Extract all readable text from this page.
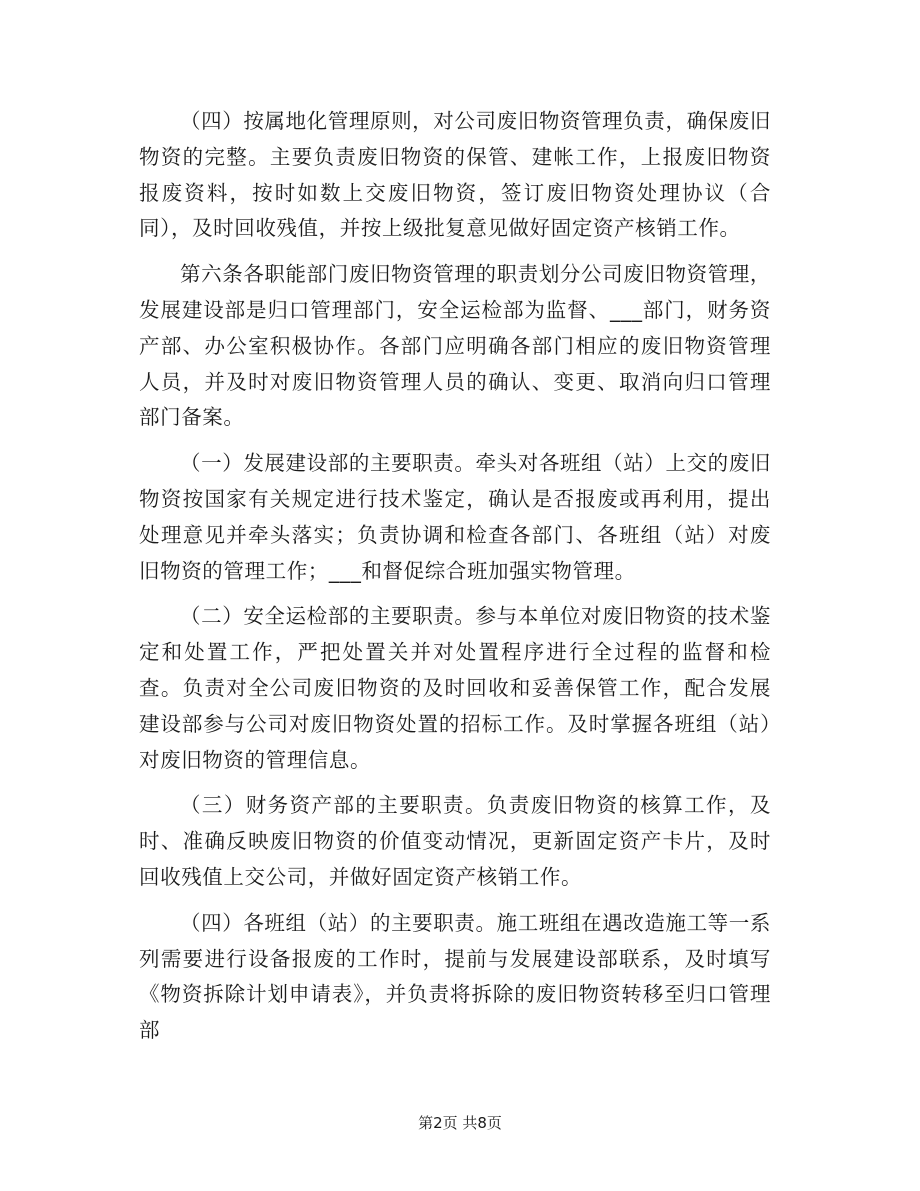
（四）按属地化管理原则，对公司废旧物资管理负责，确保废旧物资的完整。主要负责废旧物资的保管、建帐工作，上报废旧物资报废资料，按时如数上交废旧物资，签订废旧物资处理协议（合同），及时回收残值，并按上级批复意见做好固定资产核销工作。

第六条各职能部门废旧物资管理的职责划分公司废旧物资管理，发展建设部是归口管理部门，安全运检部为监督、___部门，财务资产部、办公室积极协作。各部门应明确各部门相应的废旧物资管理人员，并及时对废旧物资管理人员的确认、变更、取消向归口管理部门备案。

（一）发展建设部的主要职责。牵头对各班组（站）上交的废旧物资按国家有关规定进行技术鉴定，确认是否报废或再利用，提出处理意见并牵头落实；负责协调和检查各部门、各班组（站）对废旧物资的管理工作；___和督促综合班加强实物管理。

（二）安全运检部的主要职责。参与本单位对废旧物资的技术鉴定和处置工作，严把处置关并对处置程序进行全过程的监督和检查。负责对全公司废旧物资的及时回收和妥善保管工作，配合发展建设部参与公司对废旧物资处置的招标工作。及时掌握各班组（站）对废旧物资的管理信息。

（三）财务资产部的主要职责。负责废旧物资的核算工作，及时、准确反映废旧物资的价值变动情况，更新固定资产卡片，及时回收残值上交公司，并做好固定资产核销工作。

（四）各班组（站）的主要职责。施工班组在遇改造施工等一系列需要进行设备报废的工作时，提前与发展建设部联系，及时填写《物资拆除计划申请表》，并负责将拆除的废旧物资转移至归口管理部

第2页 共8页
